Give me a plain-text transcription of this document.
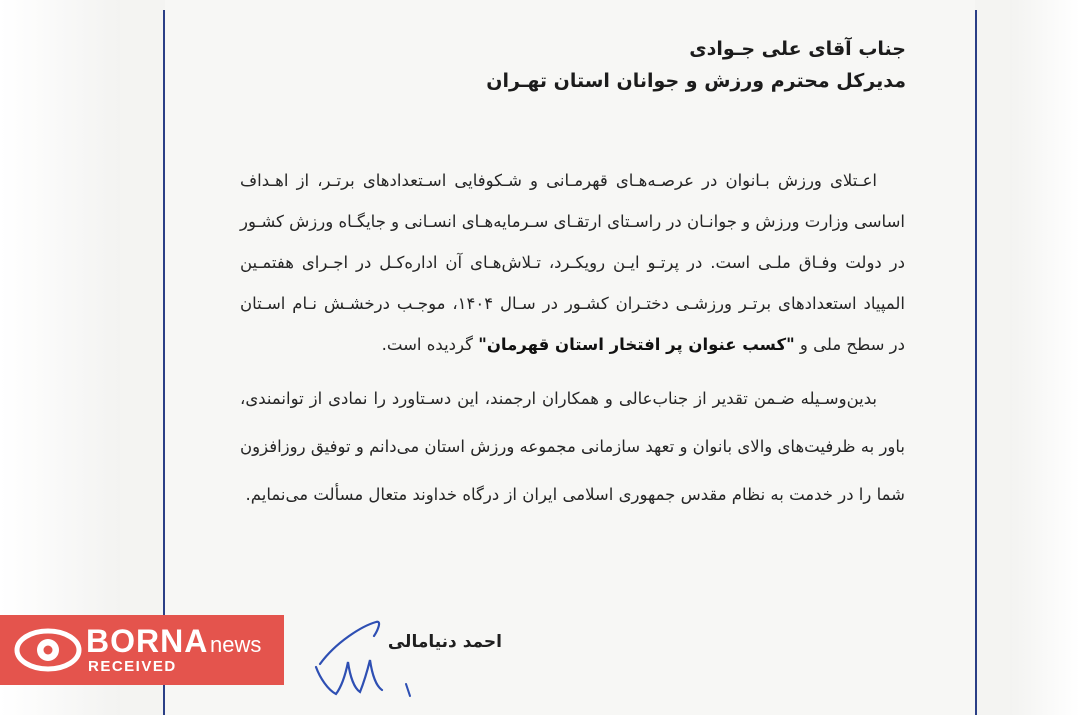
جناب آقای علی جـوادی
مدیرکل محترم ورزش و جوانان استان تهـران

اعـتلای ورزش بـانوان در عرصـه‌هـای قهرمـانی و شـکوفایی اسـتعدادهای برتـر، از اهـداف اساسی وزارت ورزش و جوانـان در راسـتای ارتقـای سـرمایه‌هـای انسـانی و جایگـاه ورزش کشـور در دولت وفـاق ملـی است. در پرتـو ایـن رویکـرد، تـلاش‌هـای آن اداره‌کـل در اجـرای هفتمـین المپیاد استعدادهای برتـر ورزشـی دختـران کشـور در سـال ۱۴۰۴، موجـب درخشـش نـام اسـتان در سطح ملی و "کسب عنوان پر افتخار استان قهرمان" گردیده است.

بدین‌وسـیله ضـمن تقدیر از جناب‌عالی و همکاران ارجمند، این دسـتاورد را نمادی از توانمندی، باور به ظرفیت‌های والای بانوان و تعهد سازمانی مجموعه ورزش استان می‌دانم و توفیق روزافزون شما را در خدمت به نظام مقدس جمهوری اسلامی ایران از درگاه خداوند متعال مسألت می‌نمایم.

احمد دنیامالی
BORNA news
RECEIVED
